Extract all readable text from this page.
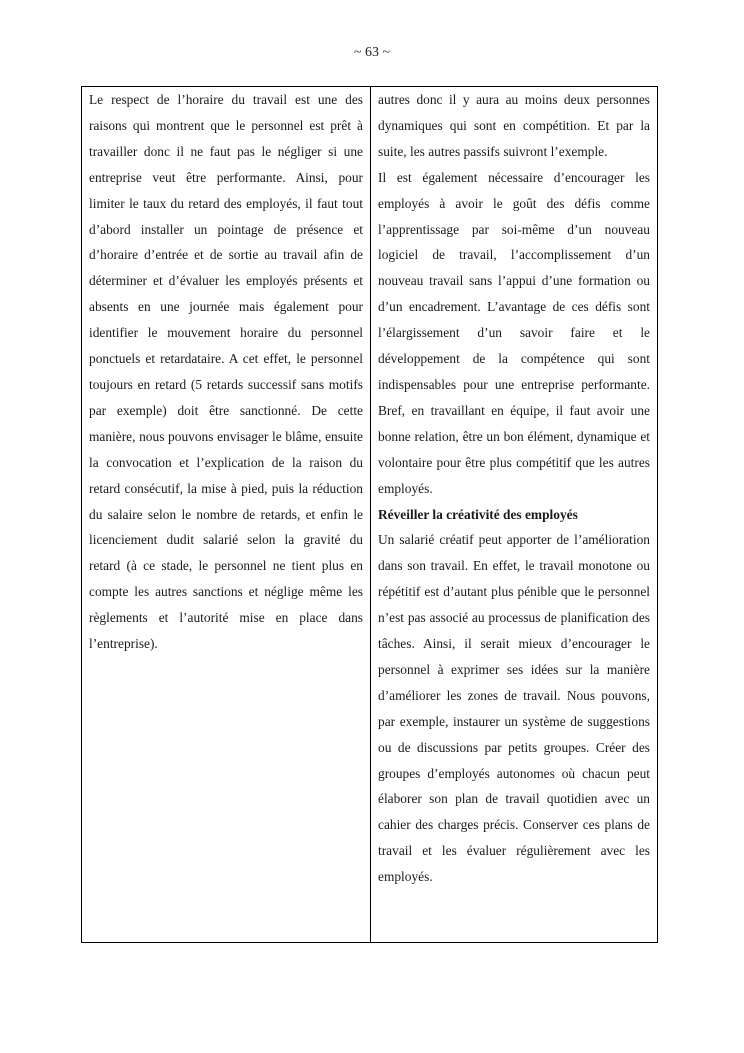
~ 63 ~

Le respect de l’horaire du travail est une des raisons qui montrent que le personnel est prêt à travailler donc il ne faut pas le négliger si une entreprise veut être performante. Ainsi, pour limiter le taux du retard des employés, il faut tout d’abord installer un pointage de présence et d’horaire d’entrée et de sortie au travail afin de déterminer et d’évaluer les employés présents et absents en une journée mais également pour identifier le mouvement horaire du personnel ponctuels et retardataire. A cet effet, le personnel toujours en retard (5 retards successif sans motifs par exemple) doit être sanctionné. De cette manière, nous pouvons envisager le blâme, ensuite la convocation et l’explication de la raison du retard consécutif, la mise à pied, puis la réduction du salaire selon le nombre de retards, et enfin le licenciement dudit salarié selon la gravité du retard (à ce stade, le personnel ne tient plus en compte les autres sanctions et néglige même les règlements et l’autorité mise en place dans l’entreprise).

autres donc il y aura au moins deux personnes dynamiques qui sont en compétition. Et par la suite, les autres passifs suivront l’exemple.

Il est également nécessaire d’encourager les employés à avoir le goût des défis comme l’apprentissage par soi-même d’un nouveau logiciel de travail, l’accomplissement d’un nouveau travail sans l’appui d’une formation ou d’un encadrement. L’avantage de ces défis sont l’élargissement d’un savoir faire et le développement de la compétence qui sont indispensables pour une entreprise performante. Bref, en travaillant en équipe, il faut avoir une bonne relation, être un bon élément, dynamique et volontaire pour être plus compétitif que les autres employés.

Réveiller la créativité des employés

Un salarié créatif peut apporter de l’amélioration dans son travail. En effet, le travail monotone ou répétitif est d’autant plus pénible que le personnel n’est pas associé au processus de planification des tâches. Ainsi, il serait mieux d’encourager le personnel à exprimer ses idées sur la manière d’améliorer les zones de travail. Nous pouvons, par exemple, instaurer un système de suggestions ou de discussions par petits groupes. Créer des groupes d’employés autonomes où chacun peut élaborer son plan de travail quotidien avec un cahier des charges précis. Conserver ces plans de travail et les évaluer régulièrement avec les employés.
